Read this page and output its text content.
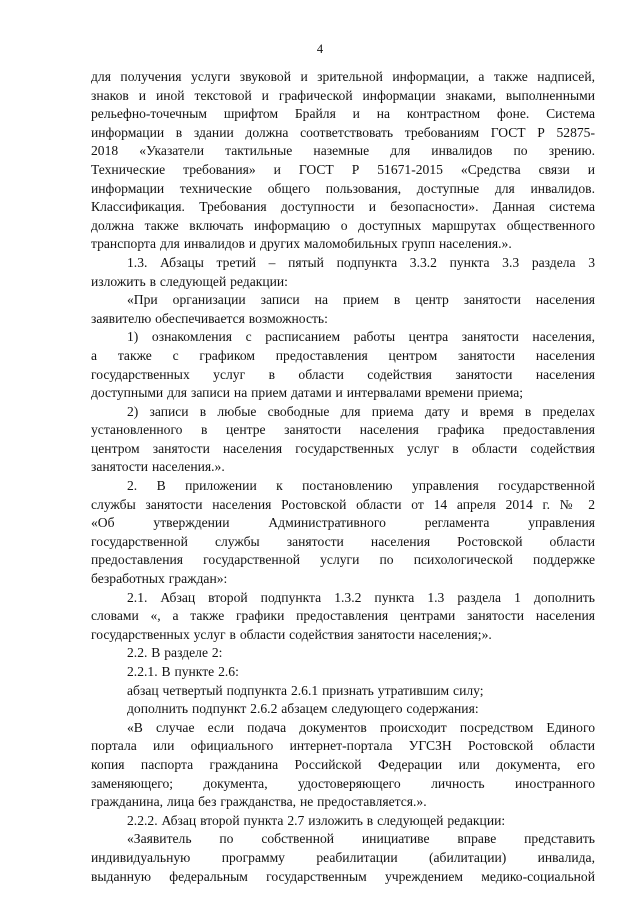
4

для получения услуги звуковой и зрительной информации, а также надписей,

знаков и иной текстовой и графической информации знаками, выполненными

рельефно-точечным шрифтом Брайля и на контрастном фоне. Система

информации в здании должна соответствовать требованиям ГОСТ Р 52875-

2018 «Указатели тактильные наземные для инвалидов по зрению.

Технические требования» и ГОСТ Р 51671-2015 «Средства связи и

информации технические общего пользования, доступные для инвалидов.

Классификация. Требования доступности и безопасности». Данная система

должна также включать информацию о доступных маршрутах общественного

транспорта для инвалидов и других маломобильных групп населения.».

1.3. Абзацы третий – пятый подпункта 3.3.2 пункта 3.3 раздела 3

изложить в следующей редакции:

«При организации записи на прием в центр занятости населения

заявителю обеспечивается возможность:

1) ознакомления с расписанием работы центра занятости населения,

а также с графиком предоставления центром занятости населения

государственных услуг в области содействия занятости населения

доступными для записи на прием датами и интервалами времени приема;

2) записи в любые свободные для приема дату и время в пределах

установленного в центре занятости населения графика предоставления

центром занятости населения государственных услуг в области содействия

занятости населения.».

2. В приложении к постановлению управления государственной

службы занятости населения Ростовской области от 14 апреля 2014 г. № 2

«Об утверждении Административного регламента управления

государственной службы занятости населения Ростовской области

предоставления государственной услуги по психологической поддержке

безработных граждан»:

2.1. Абзац второй подпункта 1.3.2 пункта 1.3 раздела 1 дополнить

словами «, а также графики предоставления центрами занятости населения

государственных услуг в области содействия занятости населения;».

2.2. В разделе 2:

2.2.1. В пункте 2.6:

абзац четвертый подпункта 2.6.1 признать утратившим силу;

дополнить подпункт 2.6.2 абзацем следующего содержания:

«В случае если подача документов происходит посредством Единого

портала или официального интернет-портала УГСЗН Ростовской области

копия паспорта гражданина Российской Федерации или документа, его

заменяющего; документа, удостоверяющего личность иностранного

гражданина, лица без гражданства, не предоставляется.».

2.2.2. Абзац второй пункта 2.7 изложить в следующей редакции:

«Заявитель по собственной инициативе вправе представить

индивидуальную программу реабилитации (абилитации) инвалида,

выданную федеральным государственным учреждением медико-социальной
